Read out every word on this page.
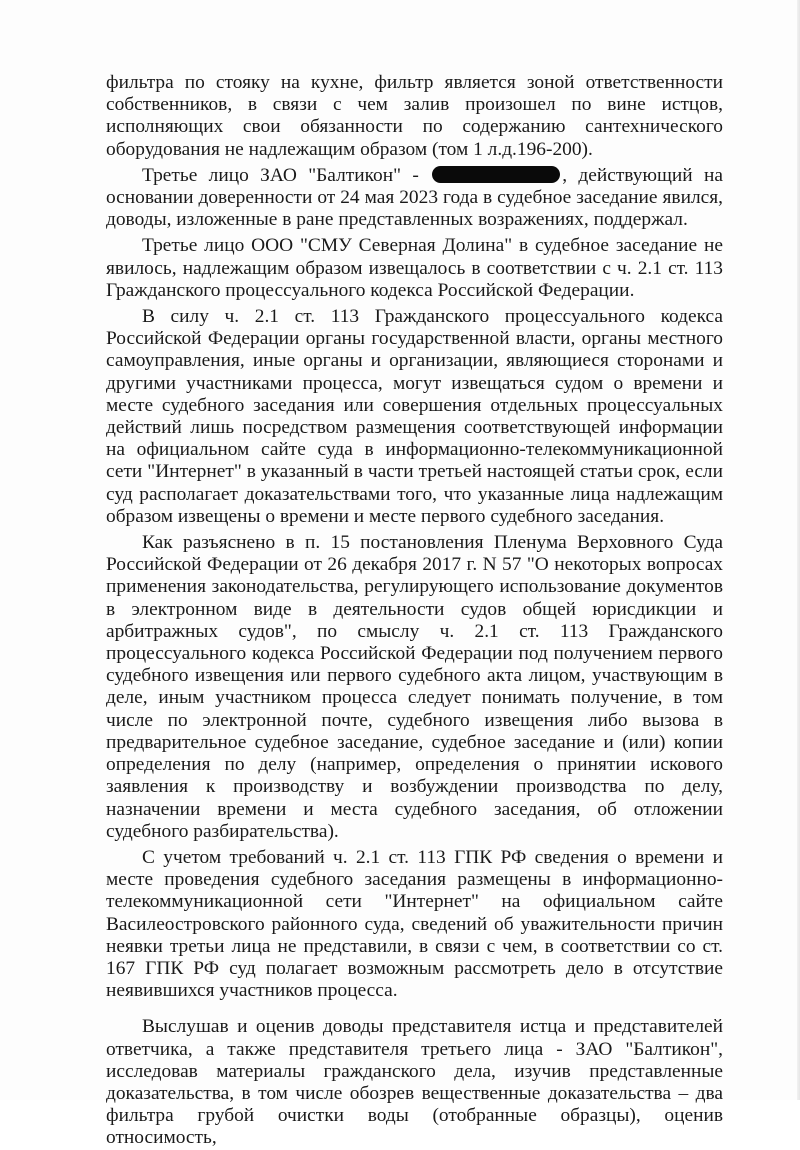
фильтра по стояку на кухне, фильтр является зоной ответственности собственников, в связи с чем залив произошел по вине истцов, исполняющих свои обязанности по содержанию сантехнического оборудования не надлежащим образом (том 1 л.д.196-200).

Третье лицо ЗАО "Балтикон" -	, действующий на основании доверенности от 24 мая 2023 года в судебное заседание явился, доводы, изложенные в ране представленных возражениях, поддержал.

Третье лицо ООО "СМУ Северная Долина" в судебное заседание не явилось, надлежащим образом извещалось в соответствии с ч. 2.1 ст. 113 Гражданского процессуального кодекса Российской Федерации.

В силу ч. 2.1 ст. 113 Гражданского процессуального кодекса Российской Федерации органы государственной власти, органы местного самоуправления, иные органы и организации, являющиеся сторонами и другими участниками процесса, могут извещаться судом о времени и месте судебного заседания или совершения отдельных процессуальных действий лишь посредством размещения соответствующей информации на официальном сайте суда в информационно-телекоммуникационной сети "Интернет" в указанный в части третьей настоящей статьи срок, если суд располагает доказательствами того, что указанные лица надлежащим образом извещены о времени и месте первого судебного заседания.

Как разъяснено в п. 15 постановления Пленума Верховного Суда Российской Федерации от 26 декабря 2017 г. N 57 "О некоторых вопросах применения законодательства, регулирующего использование документов в электронном виде в деятельности судов общей юрисдикции и арбитражных судов", по смыслу ч. 2.1 ст. 113 Гражданского процессуального кодекса Российской Федерации под получением первого судебного извещения или первого судебного акта лицом, участвующим в деле, иным участником процесса следует понимать получение, в том числе по электронной почте, судебного извещения либо вызова в предварительное судебное заседание, судебное заседание и (или) копии определения по делу (например, определения о принятии искового заявления к производству и возбуждении производства по делу, назначении времени и места судебного заседания, об отложении судебного разбирательства).

С учетом требований ч. 2.1 ст. 113 ГПК РФ сведения о времени и месте проведения судебного заседания размещены в информационно-телекоммуникационной сети "Интернет" на официальном сайте Василеостровского районного суда, сведений об уважительности причин неявки третьи лица не представили, в связи с чем, в соответствии со ст. 167 ГПК РФ суд полагает возможным рассмотреть дело в отсутствие неявившихся участников процесса.

Выслушав и оценив доводы представителя истца и представителей ответчика, а также представителя третьего лица - ЗАО "Балтикон", исследовав материалы гражданского дела, изучив представленные доказательства, в том числе обозрев вещественные доказательства – два фильтра грубой очистки воды (отобранные образцы), оценив относимость,
